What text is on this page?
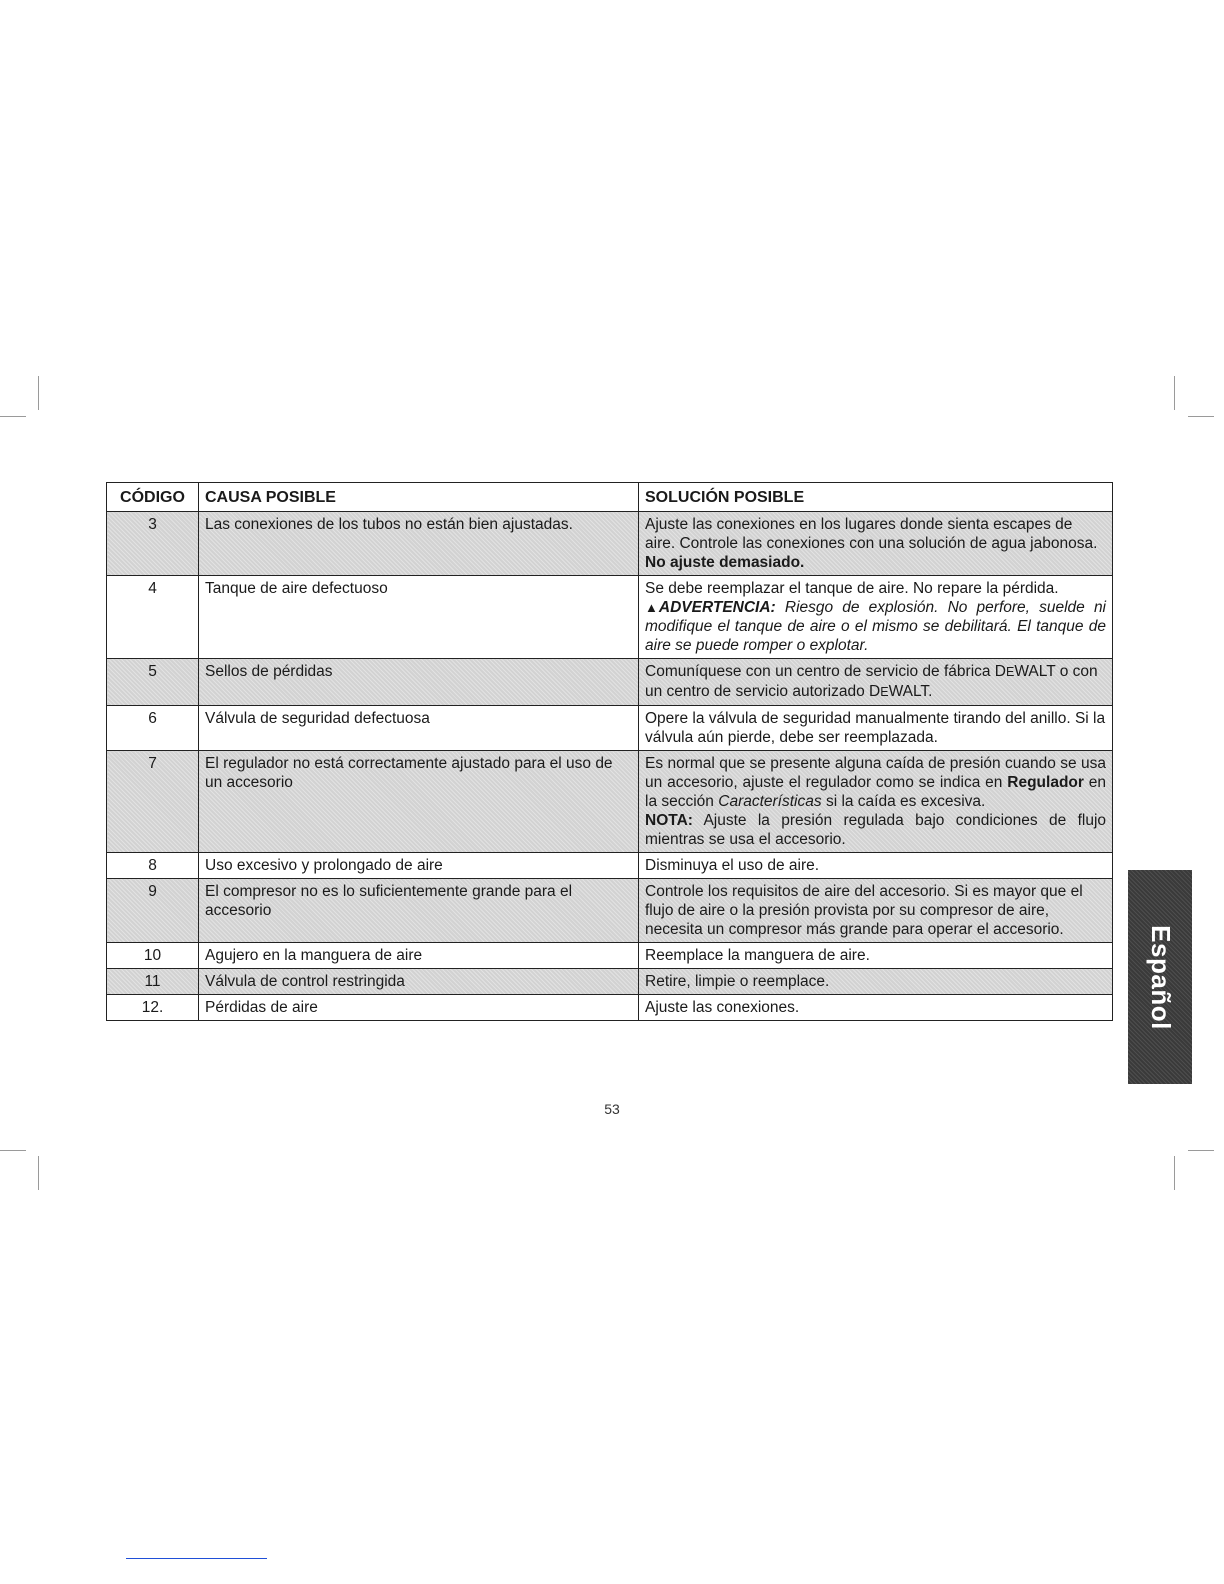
CÓDIGO	CAUSA POSIBLE	SOLUCIÓN POSIBLE
3	Las conexiones de los tubos no están bien ajustadas.	Ajuste las conexiones en los lugares donde sienta escapes de aire. Controle las conexiones con una solución de agua jabonosa. No ajuste demasiado.
4	Tanque de aire defectuoso	Se debe reemplazar el tanque de aire. No repare la pérdida.
▲ADVERTENCIA: Riesgo de explosión. No perfore, suelde ni modifique el tanque de aire o el mismo se debilitará. El tanque de aire se puede romper o explotar.

5	Sellos de pérdidas	Comuníquese con un centro de servicio de fábrica DEWALT o con un centro de servicio autorizado DEWALT.
6	Válvula de seguridad defectuosa	Opere la válvula de seguridad manualmente tirando del anillo. Si la válvula aún pierde, debe ser reemplazada.
7	El regulador no está correctamente ajustado para el uso de un accesorio	Es normal que se presente alguna caída de presión cuando se usa un accesorio, ajuste el regulador como se indica en Regulador en la sección Características si la caída es excesiva.
NOTA: Ajuste la presión regulada bajo condiciones de flujo mientras se usa el accesorio.

8	Uso excesivo y prolongado de aire	Disminuya el uso de aire.
9	El compresor no es lo suficientemente grande para el accesorio	Controle los requisitos de aire del accesorio. Si es mayor que el flujo de aire o la presión provista por su compresor de aire, necesita un compresor más grande para operar el accesorio.
10	Agujero en la manguera de aire	Reemplace la manguera de aire.
11	Válvula de control restringida	Retire, limpie o reemplace.
12.	Pérdidas de aire	Ajuste las conexiones.
53
Español
